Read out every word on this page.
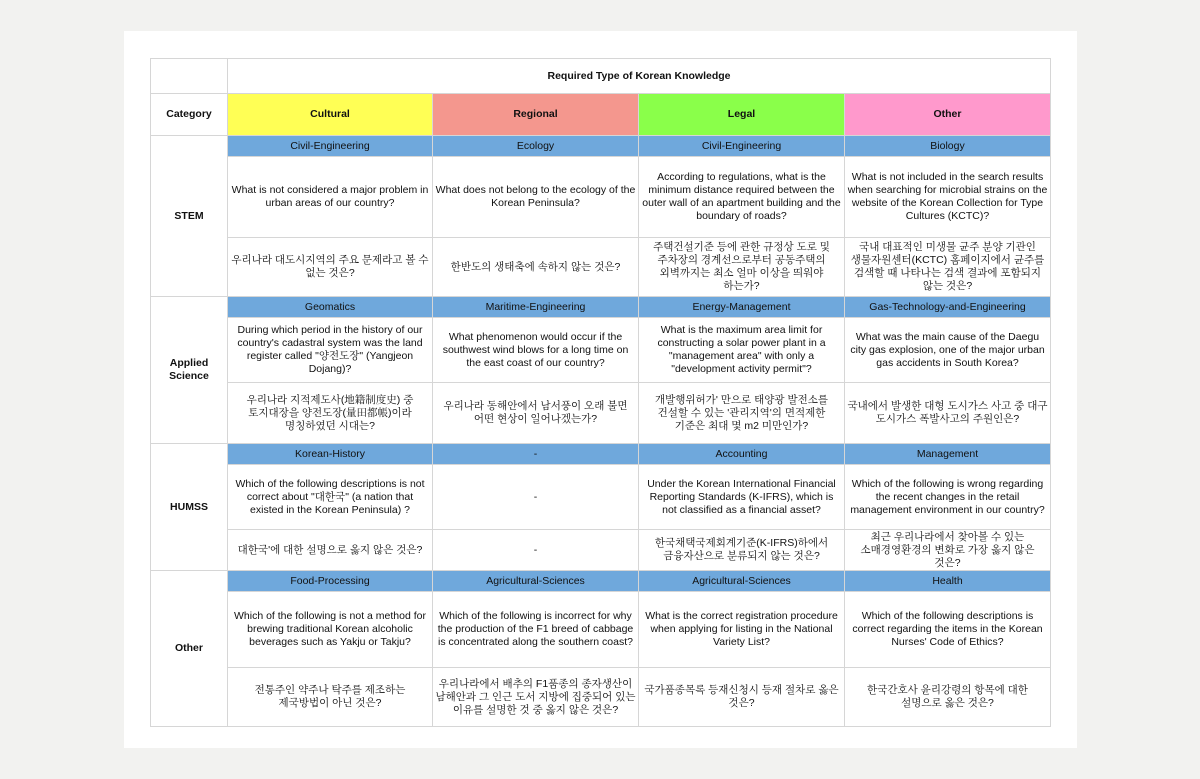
	Required Type of Korean Knowledge			
Category	Cultural	Regional	Legal	Other
STEM	Civil-Engineering	Ecology	Civil-Engineering	Biology
	What is not considered a major problem in urban areas of our country?	What does not belong to the ecology of the Korean Peninsula?	According to regulations, what is the minimum distance required between the outer wall of an apartment building and the boundary of roads?	What is not included in the search results when searching for microbial strains on the website of the Korean Collection for Type Cultures (KCTC)?
	우리나라 대도시지역의 주요 문제라고 볼 수 없는 것은?	한반도의 생태축에 속하지 않는 것은?	주택건설기준 등에 관한 규정상 도로 및 주차장의 경계선으로부터 공동주택의 외벽까지는 최소 얼마 이상을 띄워야 하는가?	국내 대표적인 미생물 균주 분양 기관인 생물자원센터(KCTC) 홈페이지에서 균주를 검색할 때 나타나는 검색 결과에 포함되지 않는 것은?
Applied Science	Geomatics	Maritime-Engineering	Energy-Management	Gas-Technology-and-Engineering
	During which period in the history of our country's cadastral system was the land register called "양전도장" (Yangjeon Dojang)?	What phenomenon would occur if the southwest wind blows for a long time on the east coast of our country?	What is the maximum area limit for constructing a solar power plant in a "management area" with only a "development activity permit"?	What was the main cause of the Daegu city gas explosion, one of the major urban gas accidents in South Korea?
	우리나라 지적제도사(地籍制度史) 중 토지대장을 양전도장(量田都帳)이라 명칭하였던 시대는?	우리나라 동해안에서 남서풍이 오래 불면 어떤 현상이 일어나겠는가?	개발행위허가' 만으로 태양광 발전소를 건설할 수 있는 '관리지역'의 면적제한 기준은 최대 몇 m2 미만인가?	국내에서 발생한 대형 도시가스 사고 중 대구 도시가스 폭발사고의 주원인은?
HUMSS	Korean-History	-	Accounting	Management
	Which of the following descriptions is not correct about "대한국" (a nation that existed in the Korean Peninsula) ?	-	Under the Korean International Financial Reporting Standards (K-IFRS), which is not classified as a financial asset?	Which of the following is wrong regarding the recent changes in the retail management environment in our country?
	대한국'에 대한 설명으로 옳지 않은 것은?	-	한국채택국제회계기준(K-IFRS)하에서 금융자산으로 분류되지 않는 것은?	최근 우리나라에서 찾아볼 수 있는 소매경영환경의 변화로 가장 옳지 않은 것은?
Other	Food-Processing	Agricultural-Sciences	Agricultural-Sciences	Health
	Which of the following is not a method for brewing traditional Korean alcoholic beverages such as Yakju or Takju?	Which of the following is incorrect for why the production of the F1 breed of cabbage is concentrated along the southern coast?	What is the correct registration procedure when applying for listing in the National Variety List?	Which of the following descriptions is correct regarding the items in the Korean Nurses' Code of Ethics?
	전통주인 약주나 탁주를 제조하는 제국방법이 아닌 것은?	우리나라에서 배추의 F1품종의 종자생산이 남해안과 그 인근 도서 지방에 집중되어 있는 이유를 설명한 것 중 옳지 않은 것은?	국가품종목록 등재신청시 등재 절차로 옳은 것은?	한국간호사 윤리강령의 항목에 대한 설명으로 옳은 것은?
